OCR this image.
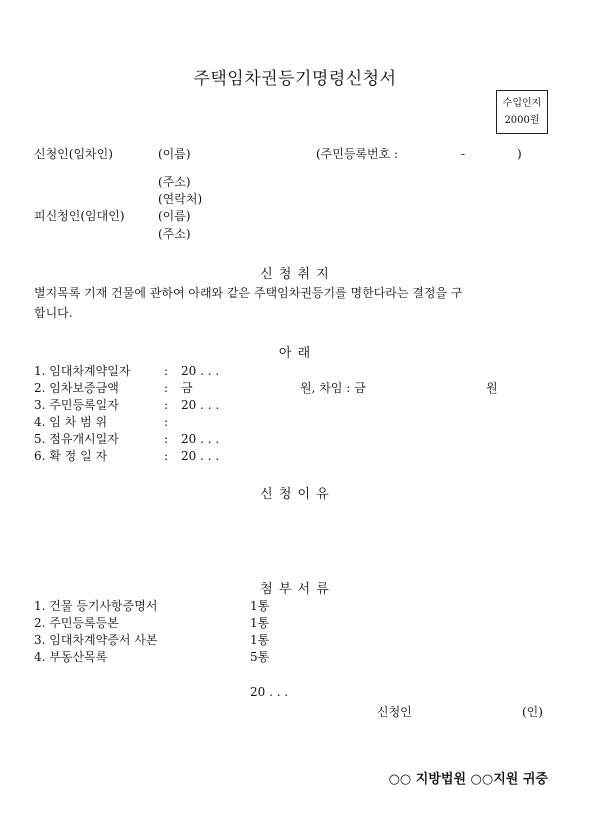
주택임차권등기명령신청서
수입인지
2000원
신청인(임차인)	(이름)	(주민등록번호 :	-	)
(주소)
(연락처)
피신청인(임대인)	(이름)
(주소)
신 청 취 지
별지목록 기재 건물에 관하여 아래와 같은 주택임차권등기를 명한다라는 결정을 구
합니다.
아 래
1. 임대차계약일자	: 20 . . .
2. 임차보증금액	: 금	원, 차임 : 금	원
3. 주민등록일자	: 20 . . .
4. 임 차 범 위	:
5. 점유개시일자	: 20 . . .
6. 확 정 일 자	: 20 . . .
신 청 이 유
첨 부 서 류
1. 건물 등기사항증명서	1통
2. 주민등록등본	1통
3. 임대차계약증서 사본	1통
4. 부동산목록	5통
20 . . .
신청인	(인)
○○ 지방법원 ○○지원 귀중
